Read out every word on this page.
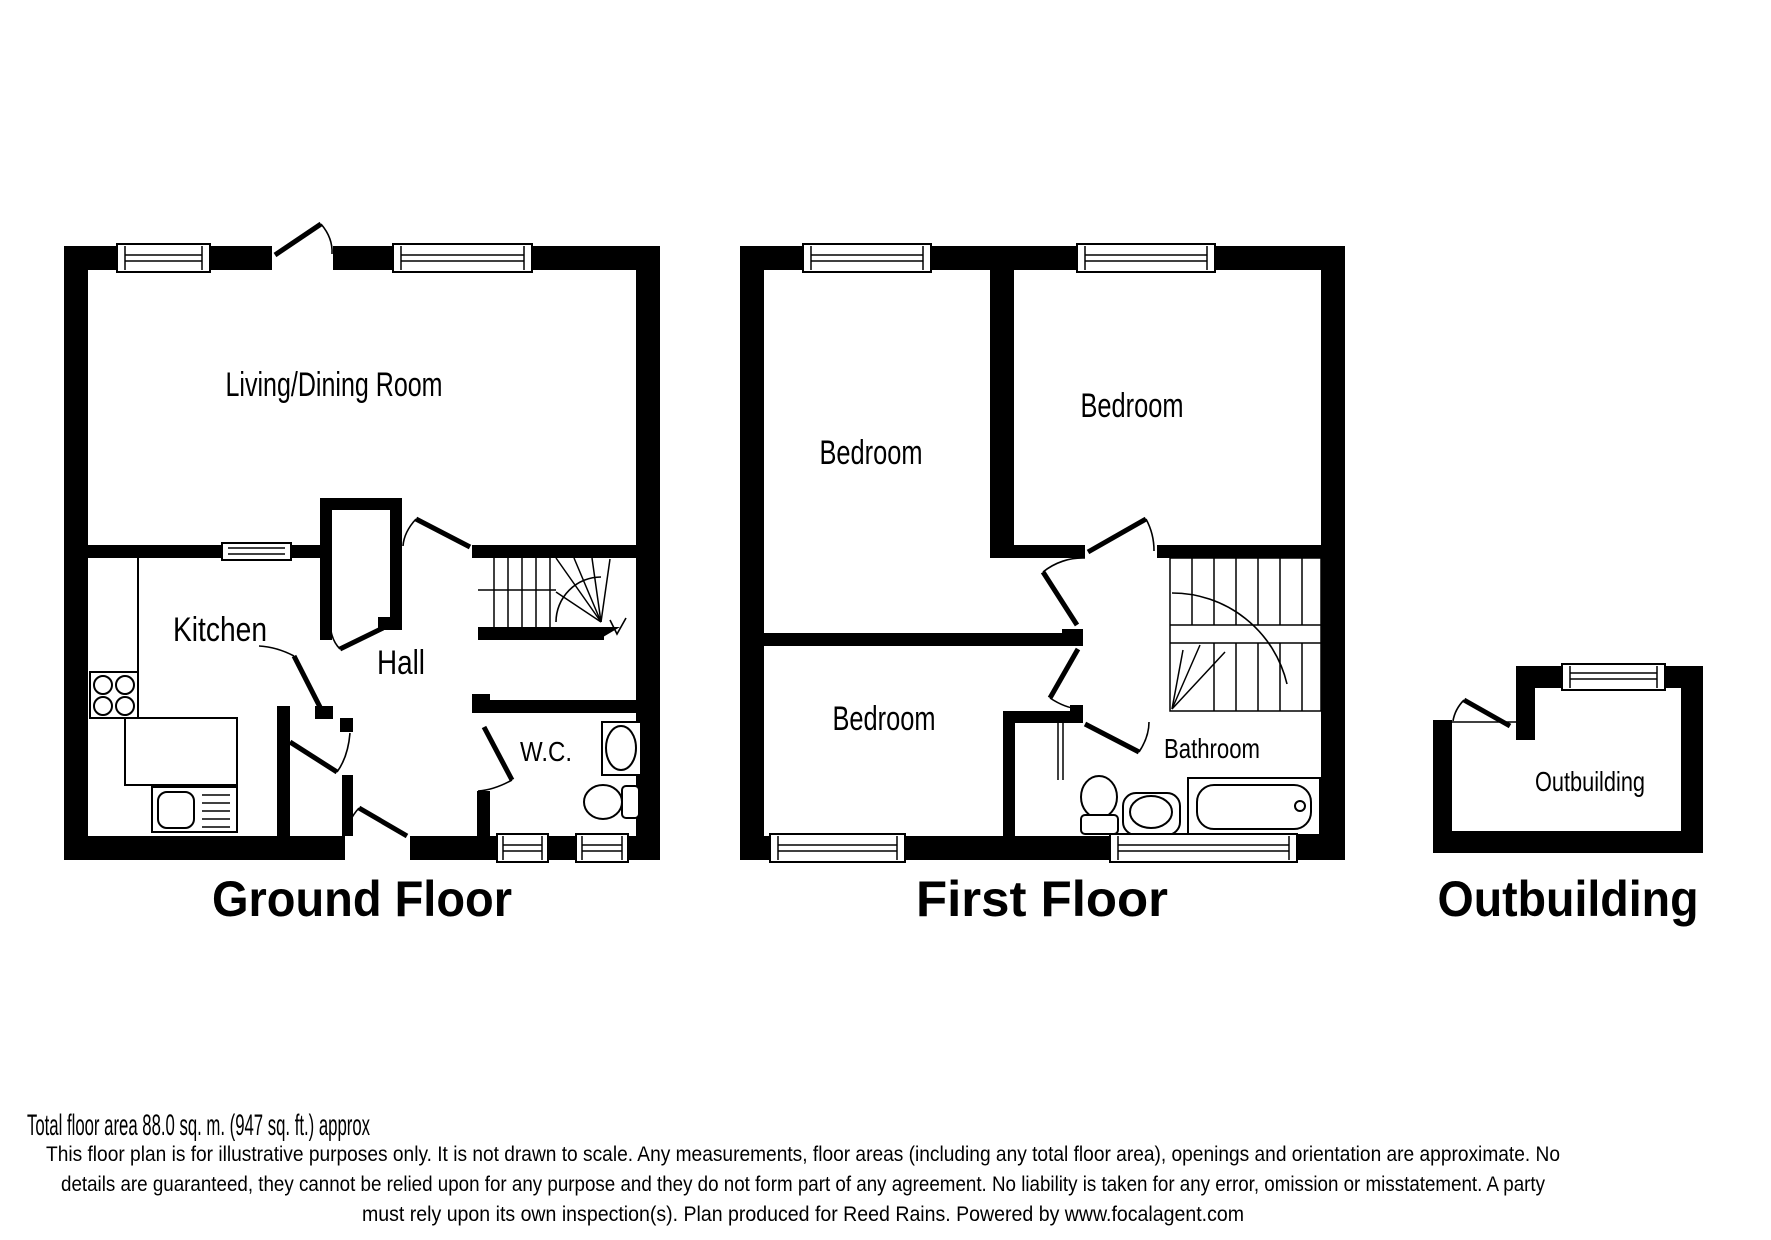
Living/Dining Room
Kitchen
Hall
W.C.
Ground Floor
Bedroom
Bedroom
Bedroom
Bathroom
First Floor
Outbuilding
Outbuilding
Total floor area 88.0 sq. m. (947 sq. ft.) approx
This floor plan is for illustrative purposes only. It is not drawn to scale. Any measurements, floor areas (including any total floor area), openings and orientation are approximate. No
details are guaranteed, they cannot be relied upon for any purpose and they do not form part of any agreement. No liability is taken for any error, omission or misstatement. A party
must rely upon its own inspection(s). Plan produced for Reed Rains. Powered by www.focalagent.com
